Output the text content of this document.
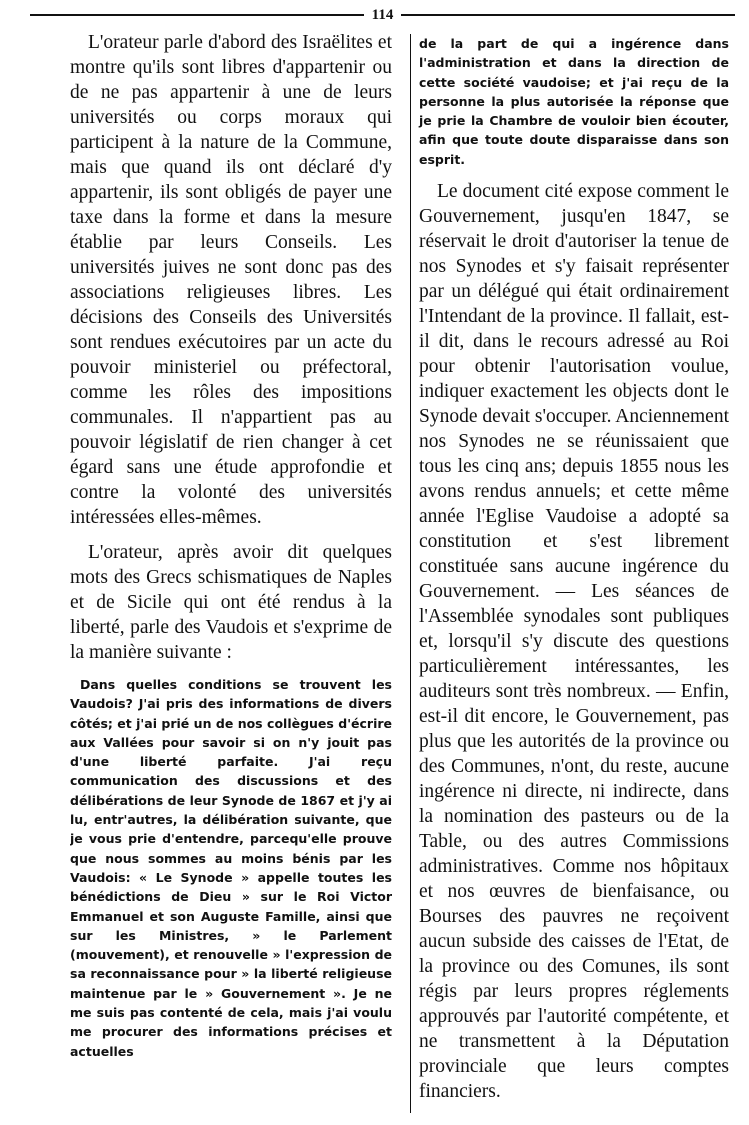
114

L'orateur parle d'abord des Israëlites et montre qu'ils sont libres d'appartenir ou de ne pas appartenir à une de leurs universités ou corps moraux qui participent à la nature de la Commune, mais que quand ils ont déclaré d'y appartenir, ils sont obligés de payer une taxe dans la forme et dans la mesure établie par leurs Conseils. Les universités juives ne sont donc pas des associations religieuses libres. Les décisions des Conseils des Universités sont rendues exécutoires par un acte du pouvoir ministeriel ou préfectoral, comme les rôles des impositions communales. Il n'appartient pas au pouvoir législatif de rien changer à cet égard sans une étude approfondie et contre la volonté des universités intéressées elles-mêmes.

L'orateur, après avoir dit quelques mots des Grecs schismatiques de Naples et de Sicile qui ont été rendus à la liberté, parle des Vaudois et s'exprime de la manière suivante :

Dans quelles conditions se trouvent les Vaudois? J'ai pris des informations de divers côtés; et j'ai prié un de nos collègues d'écrire aux Vallées pour savoir si on n'y jouit pas d'une liberté parfaite. J'ai reçu communication des discussions et des délibérations de leur Synode de 1867 et j'y ai lu, entr'autres, la délibération suivante, que je vous prie d'entendre, parcequ'elle prouve que nous sommes au moins bénis par les Vaudois: « Le Synode » appelle toutes les bénédictions de Dieu » sur le Roi Victor Emmanuel et son Auguste Famille, ainsi que sur les Ministres, » le Parlement (mouvement), et renouvelle » l'expression de sa reconnaissance pour » la liberté religieuse maintenue par le » Gouvernement ». Je ne me suis pas contenté de cela, mais j'ai voulu me procurer des informations précises et actuelles

de la part de qui a ingérence dans l'administration et dans la direction de cette société vaudoise; et j'ai reçu de la personne la plus autorisée la réponse que je prie la Chambre de vouloir bien écouter, afin que toute doute disparaisse dans son esprit.

Le document cité expose comment le Gouvernement, jusqu'en 1847, se réservait le droit d'autoriser la tenue de nos Synodes et s'y faisait représenter par un délégué qui était ordinairement l'Intendant de la province. Il fallait, est-il dit, dans le recours adressé au Roi pour obtenir l'autorisation voulue, indiquer exactement les objects dont le Synode devait s'occuper. Anciennement nos Synodes ne se réunissaient que tous les cinq ans; depuis 1855 nous les avons rendus annuels; et cette même année l'Eglise Vaudoise a adopté sa constitution et s'est librement constituée sans aucune ingérence du Gouvernement. — Les séances de l'Assemblée synodales sont publiques et, lorsqu'il s'y discute des questions particulièrement intéressantes, les auditeurs sont très nombreux. — Enfin, est-il dit encore, le Gouvernement, pas plus que les autorités de la province ou des Communes, n'ont, du reste, aucune ingérence ni directe, ni indirecte, dans la nomination des pasteurs ou de la Table, ou des autres Commissions administratives. Comme nos hôpitaux et nos œuvres de bienfaisance, ou Bourses des pauvres ne reçoivent aucun subside des caisses de l'Etat, de la province ou des Comunes, ils sont régis par leurs propres réglements approuvés par l'autorité compétente, et ne transmettent à la Députation provinciale que leurs comptes financiers.
